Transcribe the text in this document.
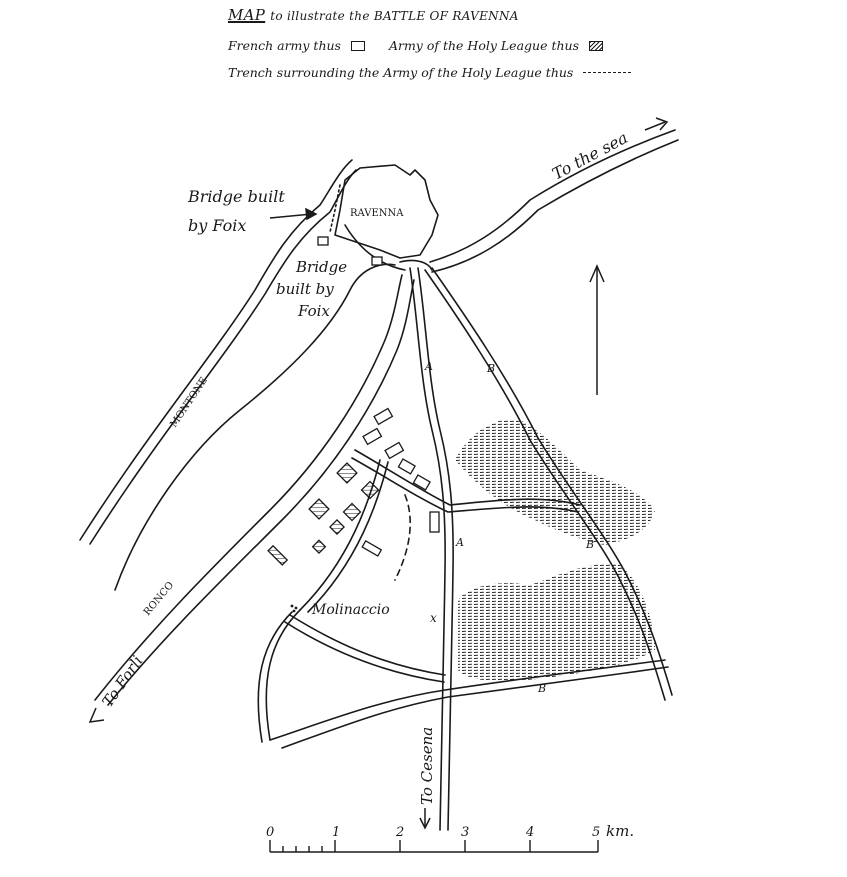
MAP to illustrate the BATTLE OF RAVENNA
French army thus	Army of the Holy League thus
Trench surrounding the Army of the Holy League thus
RAVENNA
Bridge built
by Foix
Bridge
built by
Foix
To the sea
MONTONE
RONCO
To Forli
To Cesena
Molinaccio	x
A
A
B
B
B
0	1	2	3	4	5 km.
